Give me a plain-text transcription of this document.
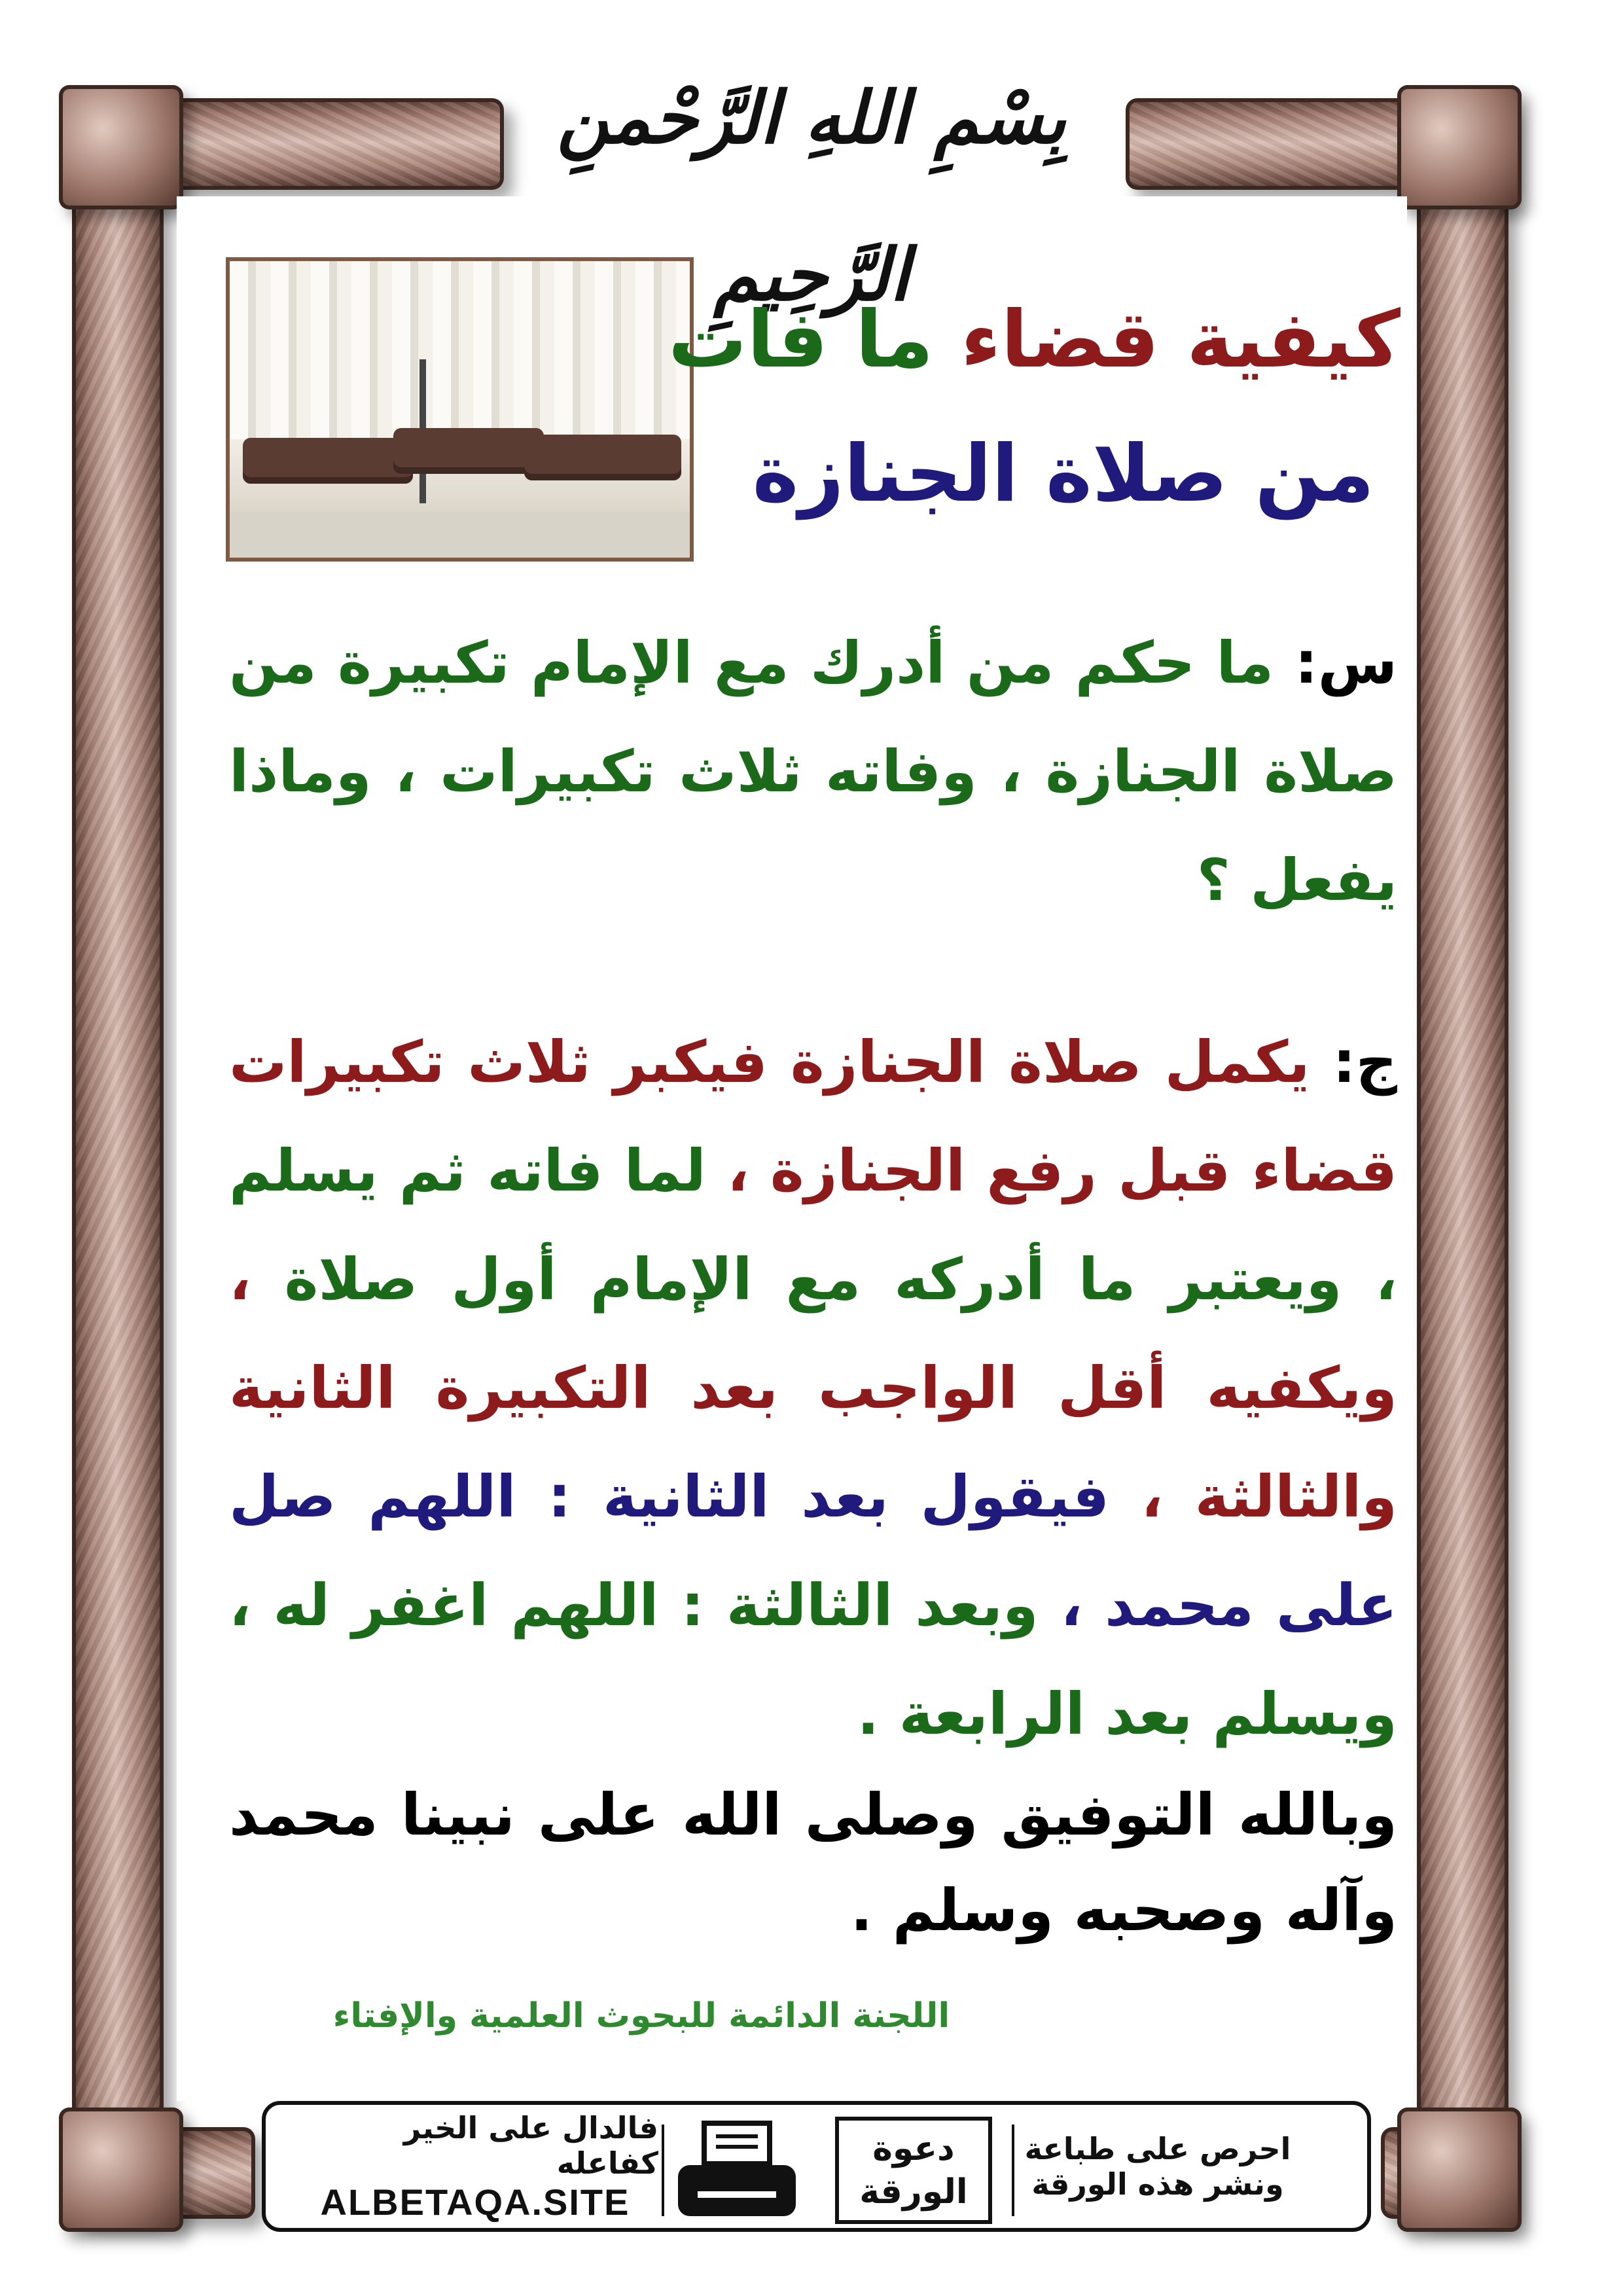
بِسْمِ اللهِ الرَّحْمنِ الرَّحِيمِ
كيفية قضاء ما فات
من صلاة الجنازة
س: ما حكم من أدرك مع الإمام تكبيرة من صلاة الجنازة ، وفاته ثلاث تكبيرات ، وماذا يفعل ؟
ج: يكمل صلاة الجنازة فيكبر ثلاث تكبيرات قضاء قبل رفع الجنازة ، لما فاته ثم يسلم ، ويعتبر ما أدركه مع الإمام أول صلاة ، ويكفيه أقل الواجب بعد التكبيرة الثانية والثالثة ، فيقول بعد الثانية : اللهم صل على محمد ، وبعد الثالثة : اللهم اغفر له ، ويسلم بعد الرابعة .
وبالله التوفيق وصلى الله على نبينا محمد وآله وصحبه وسلم .
اللجنة الدائمة للبحوث العلمية والإفتاء
فالدال على الخير كفاعله
ALBETAQA.SITE
دعوة
الورقة
احرص على طباعة
ونشر هذه الورقة
